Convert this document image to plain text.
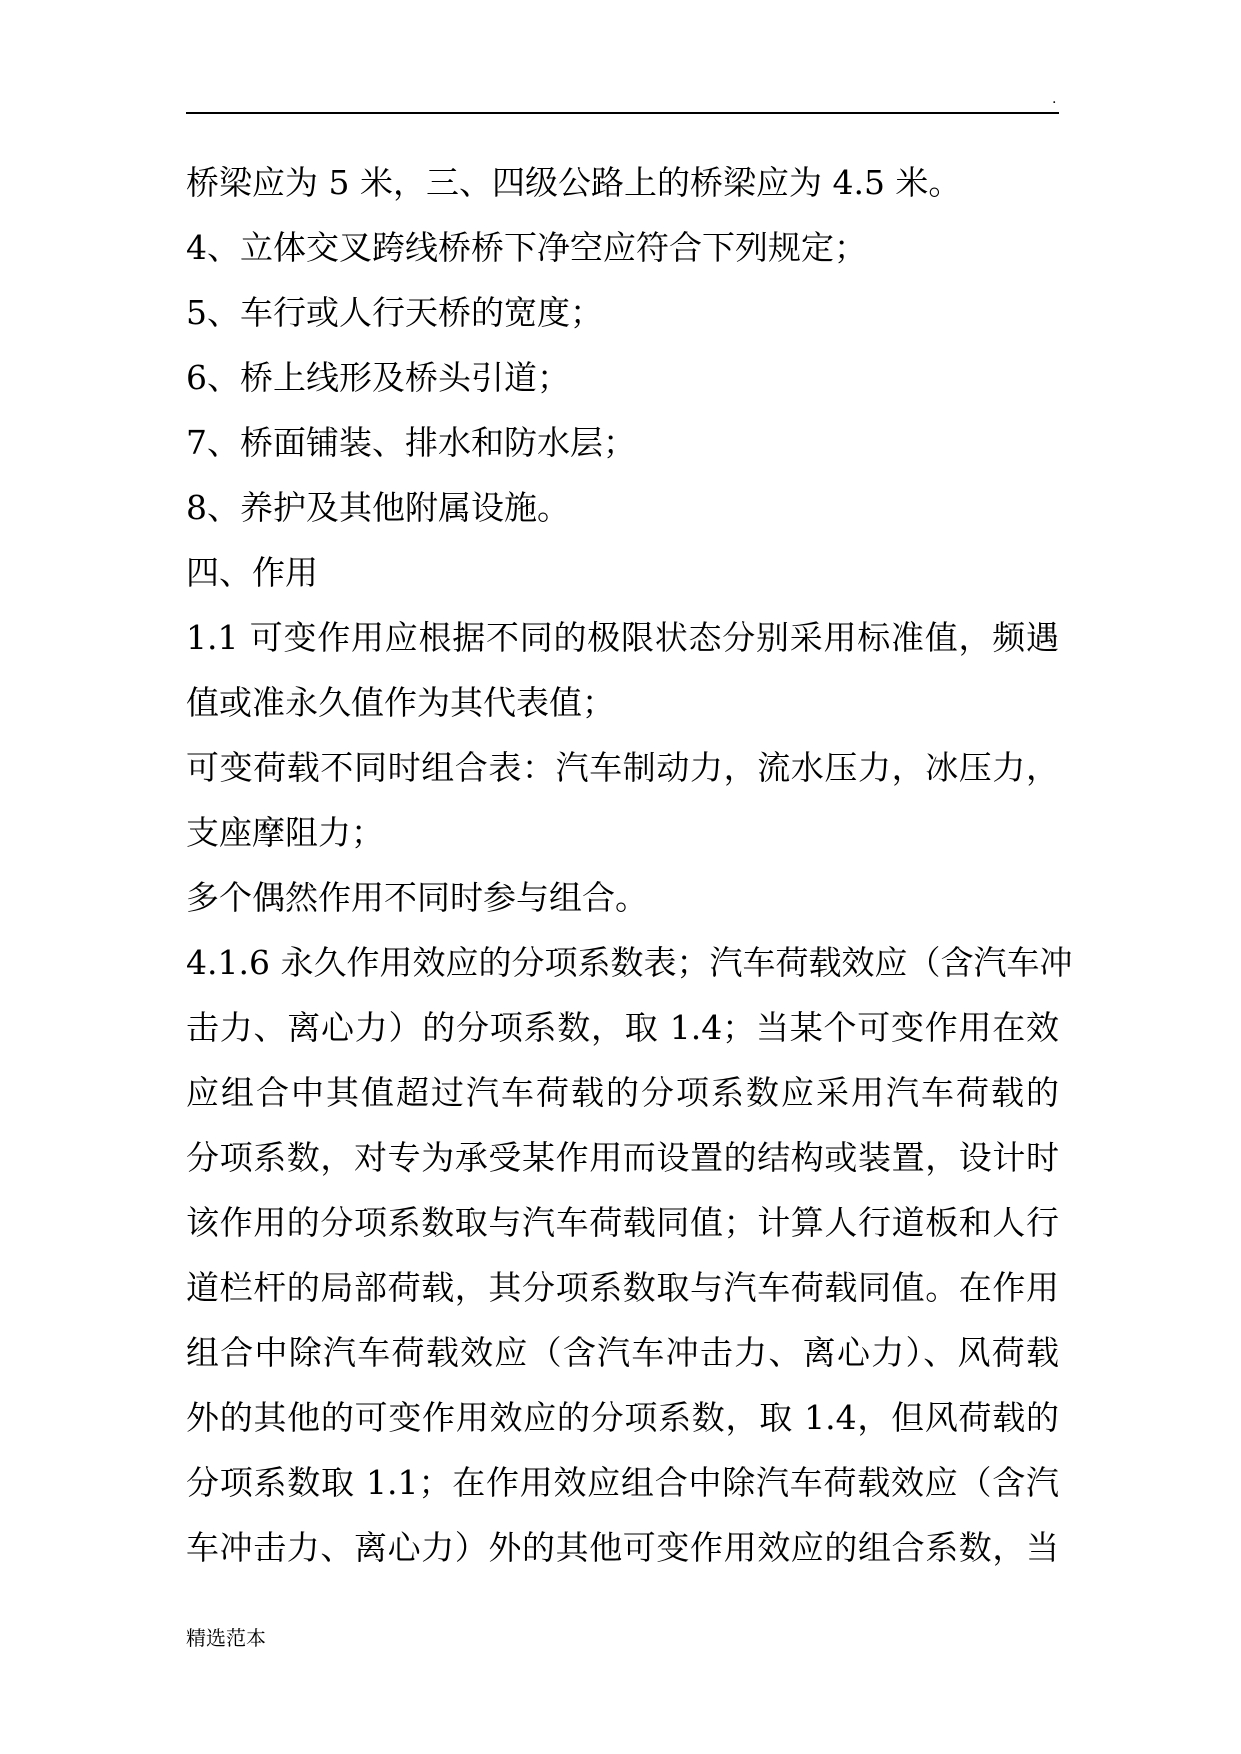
.
桥梁应为 5 米，三、四级公路上的桥梁应为 4.5 米。
4、立体交叉跨线桥桥下净空应符合下列规定；
5、车行或人行天桥的宽度；
6、桥上线形及桥头引道；
7、桥面铺装、排水和防水层；
8、养护及其他附属设施。
四、作用
1.1 可变作用应根据不同的极限状态分别采用标准值，频遇
值或准永久值作为其代表值；
可变荷载不同时组合表：汽车制动力，流水压力，冰压力，
支座摩阻力；
多个偶然作用不同时参与组合。
4.1.6 永久作用效应的分项系数表；汽车荷载效应（含汽车冲
击力、离心力）的分项系数，取 1.4；当某个可变作用在效
应组合中其值超过汽车荷载的分项系数应采用汽车荷载的
分项系数，对专为承受某作用而设置的结构或装置，设计时
该作用的分项系数取与汽车荷载同值；计算人行道板和人行
道栏杆的局部荷载，其分项系数取与汽车荷载同值。在作用
组合中除汽车荷载效应（含汽车冲击力、离心力）、风荷载
外的其他的可变作用效应的分项系数，取 1.4，但风荷载的
分项系数取 1.1；在作用效应组合中除汽车荷载效应（含汽
车冲击力、离心力）外的其他可变作用效应的组合系数，当
精选范本
